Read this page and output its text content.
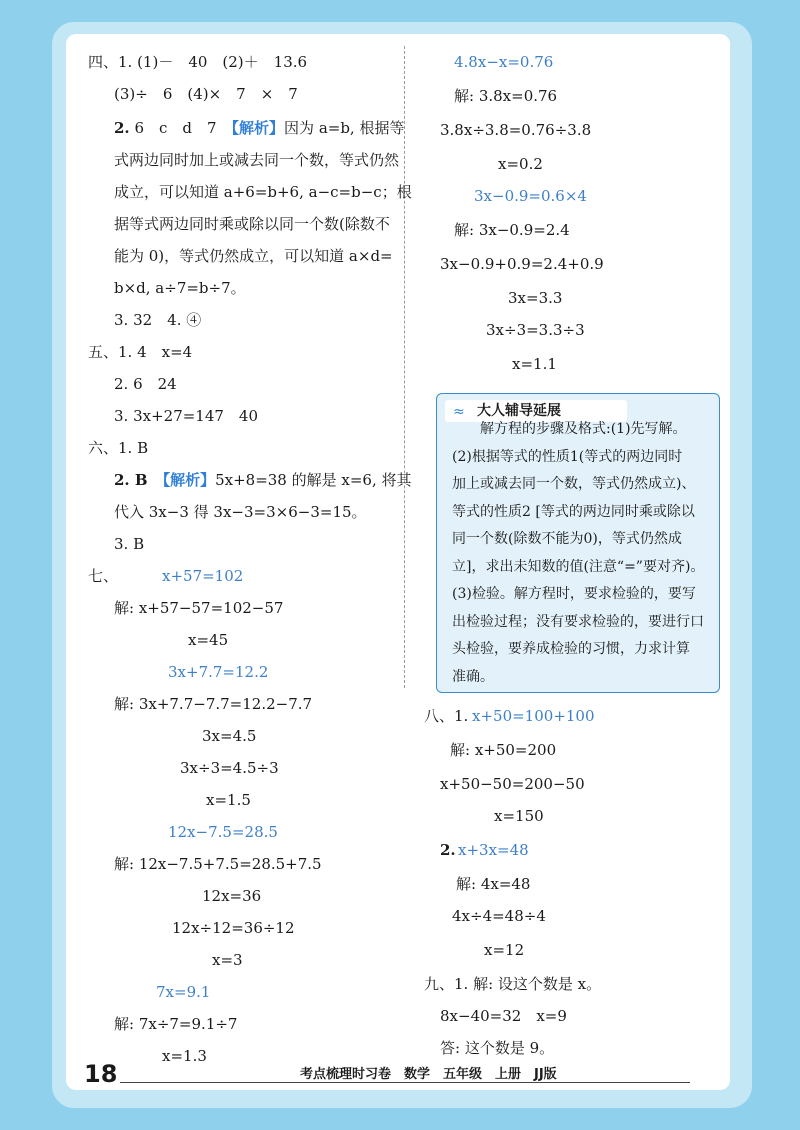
四、1. (1)－　40　(2)＋　13.6
(3)÷　6　(4)×　7　×　7
2. 6　c　d　7　【解析】因为 a=b, 根据等
式两边同时加上或减去同一个数，等式仍然
成立，可以知道 a+6=b+6, a−c=b−c；根
据等式两边同时乘或除以同一个数(除数不
能为 0)，等式仍然成立，可以知道 a×d=
b×d, a÷7=b÷7。
3. 32　4. ④
五、1. 4　x=4
2. 6　24
3. 3x+27=147　40
六、1. B
2. B　【解析】5x+8=38 的解是 x=6, 将其
代入 3x−3 得 3x−3=3×6−3=15。
3. B
七、	x+57=102
解: x+57−57=102−57
x=45
3x+7.7=12.2
解: 3x+7.7−7.7=12.2−7.7
3x=4.5
3x÷3=4.5÷3
x=1.5
12x−7.5=28.5
解: 12x−7.5+7.5=28.5+7.5
12x=36
12x÷12=36÷12
x=3
7x=9.1
解: 7x÷7=9.1÷7
x=1.3
4.8x−x=0.76
解: 3.8x=0.76
3.8x÷3.8=0.76÷3.8
x=0.2
3x−0.9=0.6×4
解: 3x−0.9=2.4
3x−0.9+0.9=2.4+0.9
3x=3.3
3x÷3=3.3÷3
x=1.1
≈ 大人辅导延展
　　解方程的步骤及格式:(1)先写解。
(2)根据等式的性质1(等式的两边同时
加上或减去同一个数，等式仍然成立)、
等式的性质2 [等式的两边同时乘或除以
同一个数(除数不能为0)，等式仍然成
立]，求出未知数的值(注意“=”要对齐)。
(3)检验。解方程时，要求检验的，要写
出检验过程；没有要求检验的，要进行口
头检验，要养成检验的习惯，力求计算
准确。
八、1. x+50=100+100
解: x+50=200
x+50−50=200−50
x=150
2. x+3x=48
解: 4x=48
4x÷4=48÷4
x=12
九、1. 解: 设这个数是 x。
8x−40=32　x=9
答: 这个数是 9。
18	考点梳理时习卷　数学　五年级　上册　JJ版
